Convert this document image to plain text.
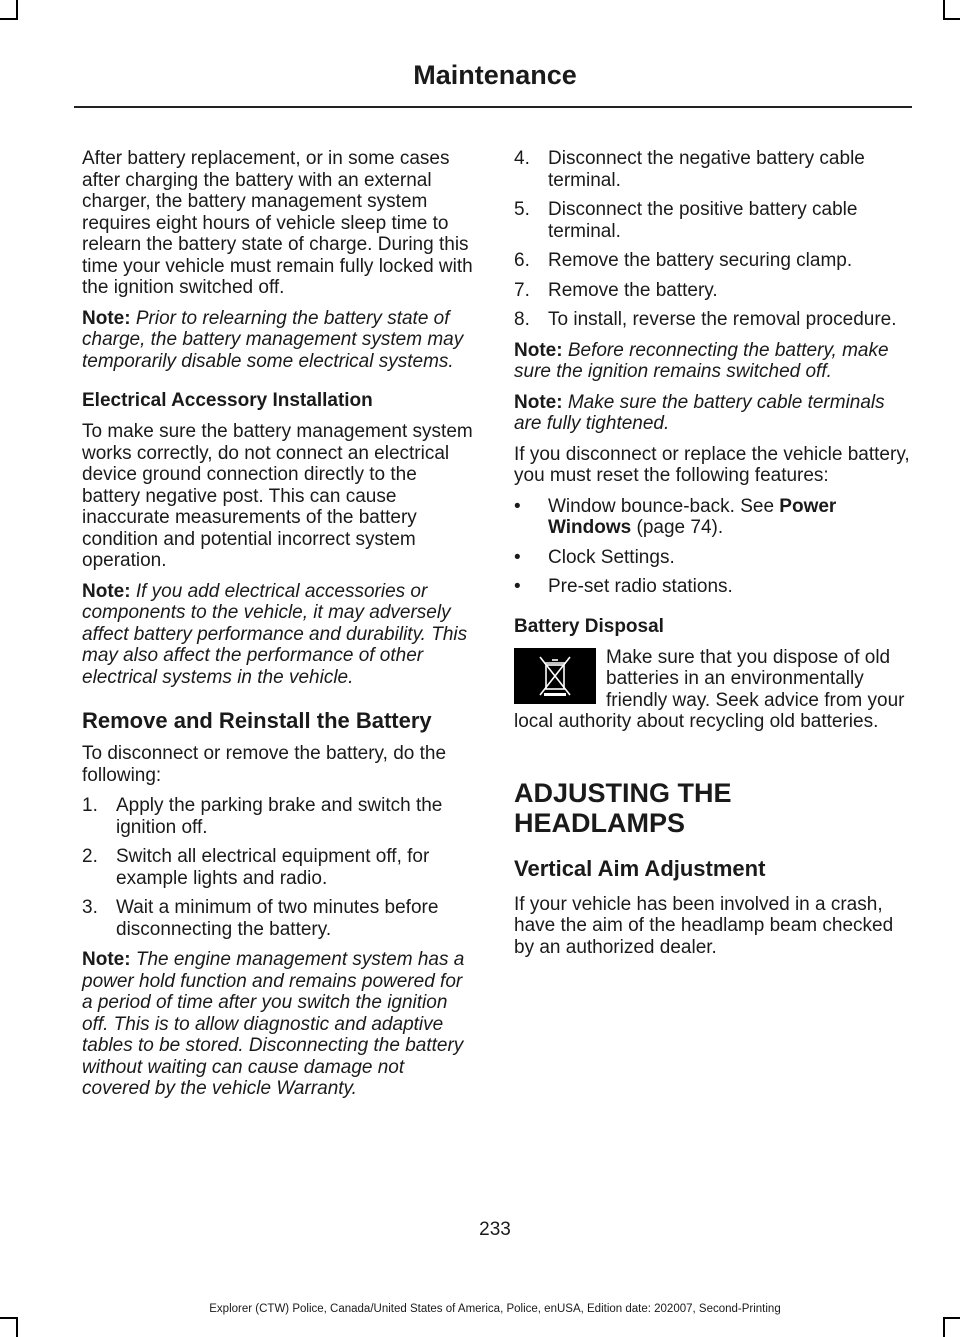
Maintenance

After battery replacement, or in some cases after charging the battery with an external charger, the battery management system requires eight hours of vehicle sleep time to relearn the battery state of charge. During this time your vehicle must remain fully locked with the ignition switched off.

Note: Prior to relearning the battery state of charge, the battery management system may temporarily disable some electrical systems.

Electrical Accessory Installation

To make sure the battery management system works correctly, do not connect an electrical device ground connection directly to the battery negative post. This can cause inaccurate measurements of the battery condition and potential incorrect system operation.

Note: If you add electrical accessories or components to the vehicle, it may adversely affect battery performance and durability. This may also affect the performance of other electrical systems in the vehicle.

Remove and Reinstall the Battery

To disconnect or remove the battery, do the following:

1. Apply the parking brake and switch the ignition off.
2. Switch all electrical equipment off, for example lights and radio.
3. Wait a minimum of two minutes before disconnecting the battery.

Note: The engine management system has a power hold function and remains powered for a period of time after you switch the ignition off. This is to allow diagnostic and adaptive tables to be stored. Disconnecting the battery without waiting can cause damage not covered by the vehicle Warranty.

4. Disconnect the negative battery cable terminal.
5. Disconnect the positive battery cable terminal.
6. Remove the battery securing clamp.
7. Remove the battery.
8. To install, reverse the removal procedure.

Note: Before reconnecting the battery, make sure the ignition remains switched off.

Note: Make sure the battery cable terminals are fully tightened.

If you disconnect or replace the vehicle battery, you must reset the following features:

• Window bounce-back. See Power Windows (page 74).
• Clock Settings.
• Pre-set radio stations.
Battery Disposal

Make sure that you dispose of old batteries in an environmentally friendly way. Seek advice from your local authority about recycling old batteries.

ADJUSTING THE HEADLAMPS
Vertical Aim Adjustment

If your vehicle has been involved in a crash, have the aim of the headlamp beam checked by an authorized dealer.

233
Explorer (CTW) Police, Canada/United States of America, Police, enUSA, Edition date: 202007, Second-Printing
